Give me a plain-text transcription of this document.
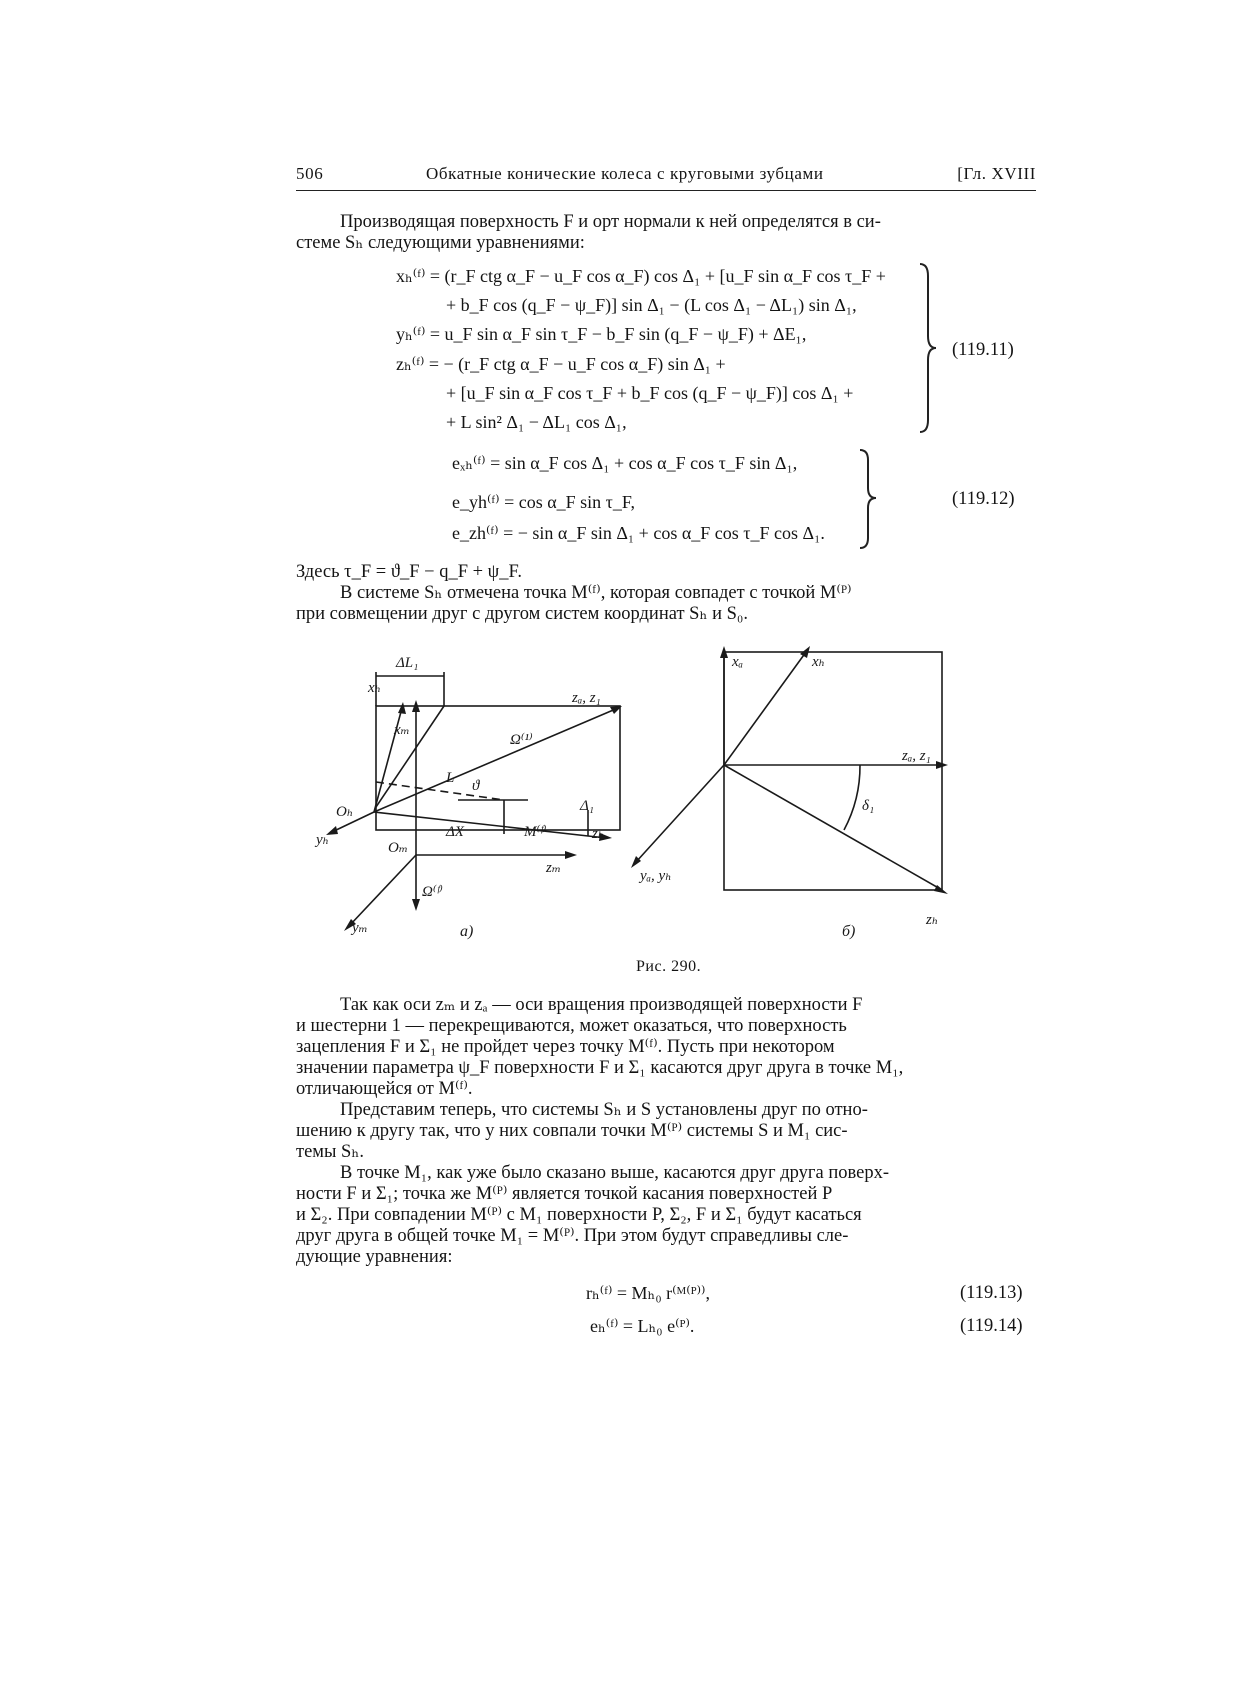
506	Обкатные конические колеса с круговыми зубцами	[Гл. XVIII

Производящая поверхность F и орт нормали к ней определятся в си-

стеме Sₕ следующими уравнениями:

xₕ⁽ᶠ⁾ = (r_F ctg α_F − u_F cos α_F) cos Δ₁ + [u_F sin α_F cos τ_F +
+ b_F cos (q_F − ψ_F)] sin Δ₁ − (L cos Δ₁ − ΔL₁) sin Δ₁,
yₕ⁽ᶠ⁾ = u_F sin α_F sin τ_F − b_F sin (q_F − ψ_F) + ΔE₁,
zₕ⁽ᶠ⁾ = − (r_F ctg α_F − u_F cos α_F) sin Δ₁ +
+ [u_F sin α_F cos τ_F + b_F cos (q_F − ψ_F)] cos Δ₁ +
+ L sin² Δ₁ − ΔL₁ cos Δ₁,
(119.11)
eₓₕ⁽ᶠ⁾ = sin α_F cos Δ₁ + cos α_F cos τ_F sin Δ₁,
e_yh⁽ᶠ⁾ = cos α_F sin τ_F,
e_zh⁽ᶠ⁾ = − sin α_F sin Δ₁ + cos α_F cos τ_F cos Δ₁.
(119.12)

Здесь τ_F = ϑ_F − q_F + ψ_F.

В системе Sₕ отмечена точка M⁽ᶠ⁾, которая совпадет с точкой M⁽ᴾ⁾

при совмещении друг с другом систем координат Sₕ и S₀.

ΔL₁
xₕ
xₘ
zₐ, z₁
Ω⁽¹⁾
Oₕ
L ϑ
Δ₁
M⁽ᶠ⁾	zₕ
yₕ	Oₘ
zₘ
Ω⁽ᶠ⁾
yₘ
ΔX
xₐ	xₕ
zₐ, z₁
δ₁
yₐ, yₕ
zₕ
а)	б)
Рис. 290.

Так как оси zₘ и zₐ — оси вращения производящей поверхности F

и шестерни 1 — перекрещиваются, может оказаться, что поверхность

зацепления F и Σ₁ не пройдет через точку M⁽ᶠ⁾. Пусть при некотором

значении параметра ψ_F поверхности F и Σ₁ касаются друг друга в точке M₁,

отличающейся от M⁽ᶠ⁾.

Представим теперь, что системы Sₕ и S установлены друг по отно-

шению к другу так, что у них совпали точки M⁽ᴾ⁾ системы S и M₁ сис-

темы Sₕ.

В точке M₁, как уже было сказано выше, касаются друг друга поверх-

ности F и Σ₁; точка же M⁽ᴾ⁾ является точкой касания поверхностей P

и Σ₂. При совпадении M⁽ᴾ⁾ с M₁ поверхности P, Σ₂, F и Σ₁ будут касаться

друг друга в общей точке M₁ = M⁽ᴾ⁾. При этом будут справедливы сле-

дующие уравнения:

rₕ⁽ᶠ⁾ = Mₕ₀ r⁽ᴹ⁽ᴾ⁾⁾,	(119.13)
eₕ⁽ᶠ⁾ = Lₕ₀ e⁽ᴾ⁾.	(119.14)
